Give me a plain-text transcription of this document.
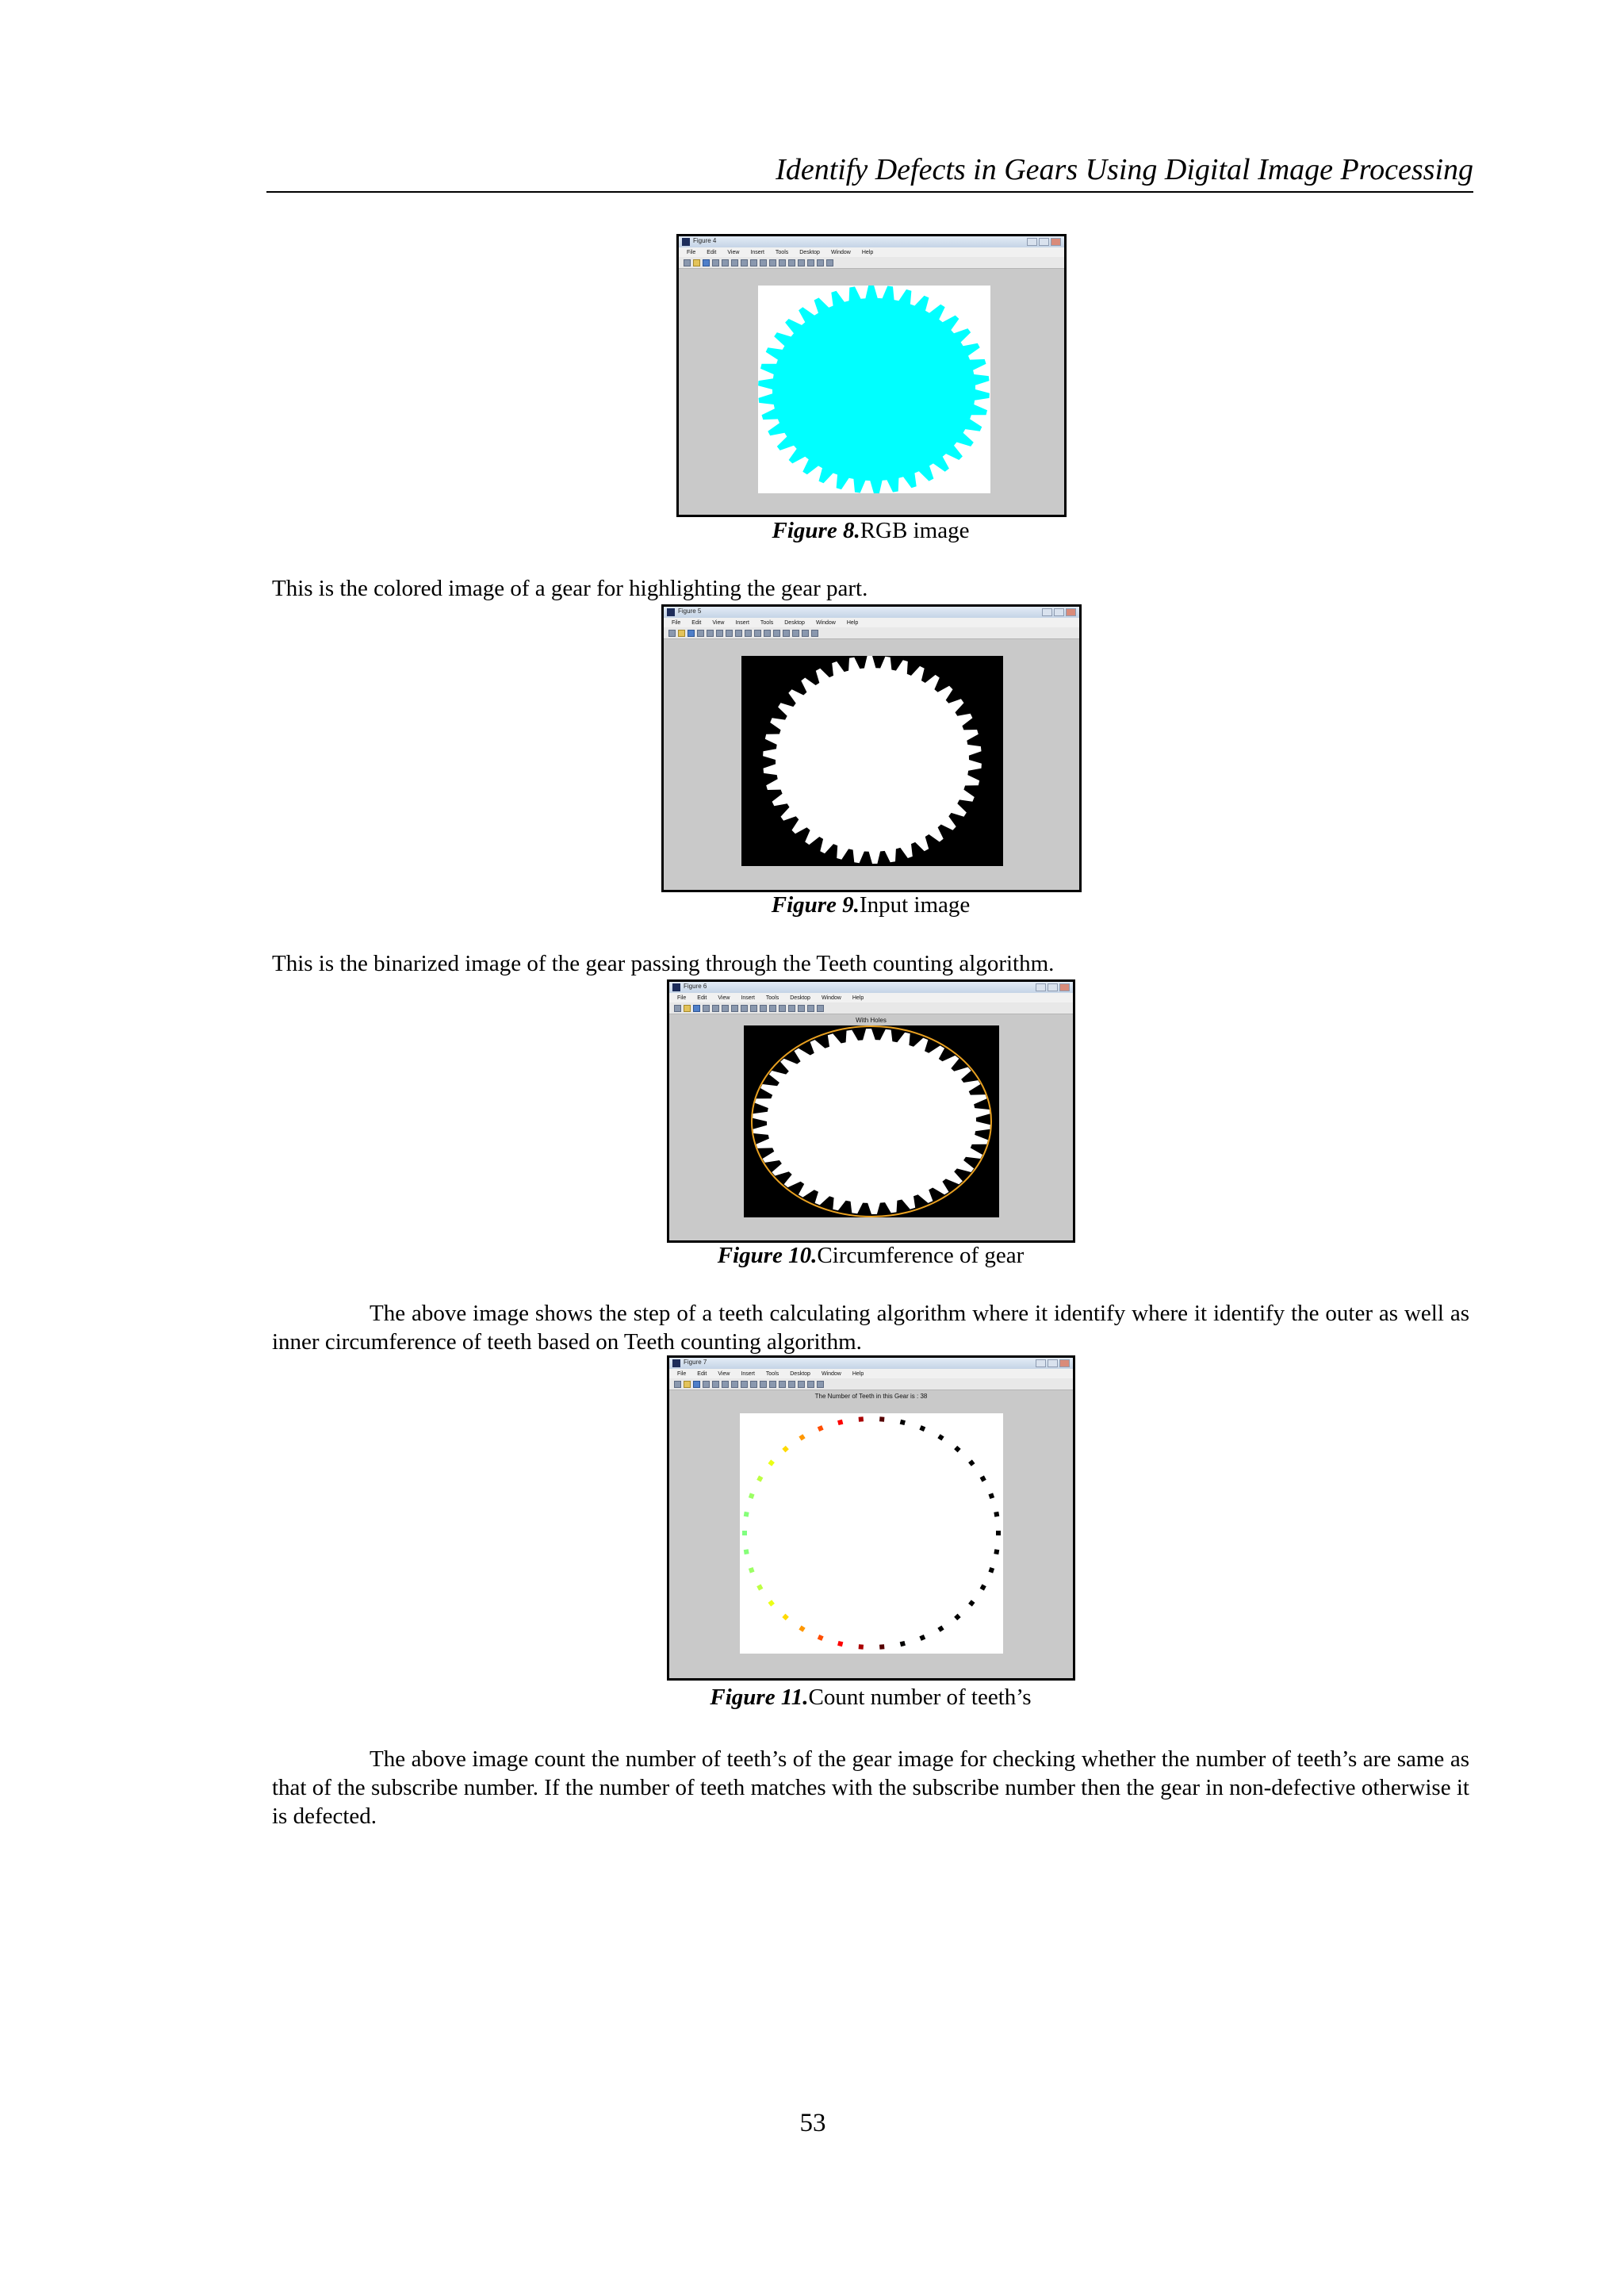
Identify Defects in Gears Using Digital Image Processing
Figure 4
File Edit View Insert Tools Desktop Window Help
Figure 8.RGB image
This is the colored image of a gear for highlighting the gear part.
Figure 5
File Edit View Insert Tools Desktop Window Help
Figure 9.Input image
This is the binarized image of the gear passing through the Teeth counting algorithm.
Figure 6
File Edit View Insert Tools Desktop Window Help
With Holes
Figure 10.Circumference of gear
The above image shows the step of a teeth calculating algorithm where it identify where it identify the outer as well as inner circumference of teeth based on Teeth counting algorithm.
Figure 7
File Edit View Insert Tools Desktop Window Help
The Number of Teeth in this Gear is : 38
Figure 11.Count number of teeth’s
The above image count the number of teeth’s of the gear image for checking whether the number of teeth’s are same as that of the subscribe number. If the number of teeth matches with the subscribe number then the gear in non-defective otherwise it is defected.
53
